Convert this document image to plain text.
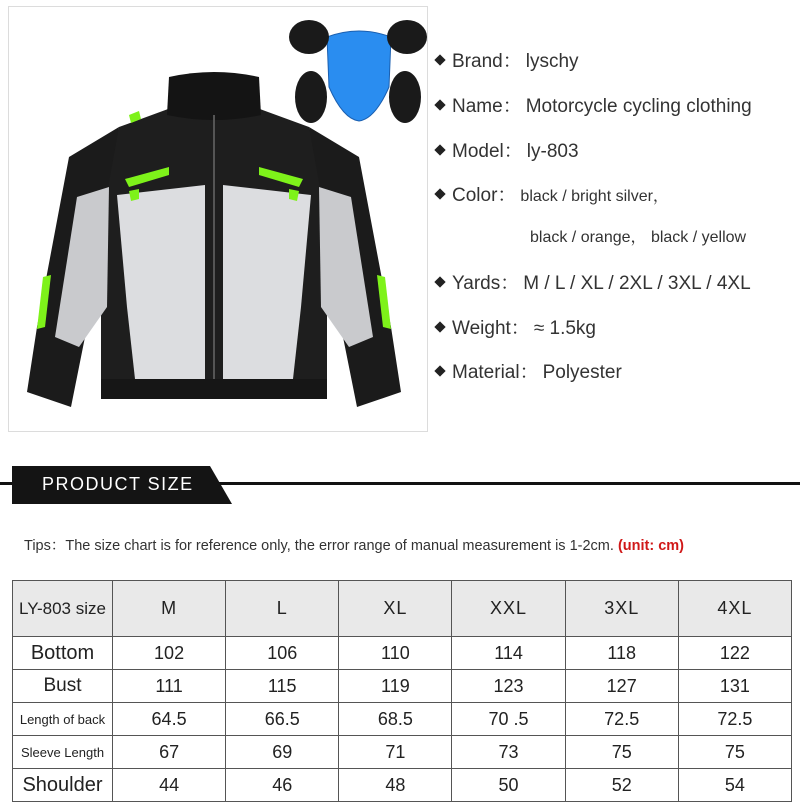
Brand： lyschy
Name： Motorcycle cycling clothing
Model： ly-803
Color： black / bright silver，
black / orange， black / yellow
Yards： M / L / XL / 2XL / 3XL / 4XL
Weight： ≈ 1.5kg
Material： Polyester
PRODUCT SIZE
Tips：The size chart is for reference only, the error range of manual measurement is 1-2cm. (unit: cm)
LY-803 size	M	L	XL	XXL	3XL	4XL
Bottom	102	106	110	114	118	122
Bust	111	115	119	123	127	131
Length of back	64.5	66.5	68.5	70 .5	72.5	72.5
Sleeve Length	67	69	71	73	75	75
Shoulder	44	46	48	50	52	54
